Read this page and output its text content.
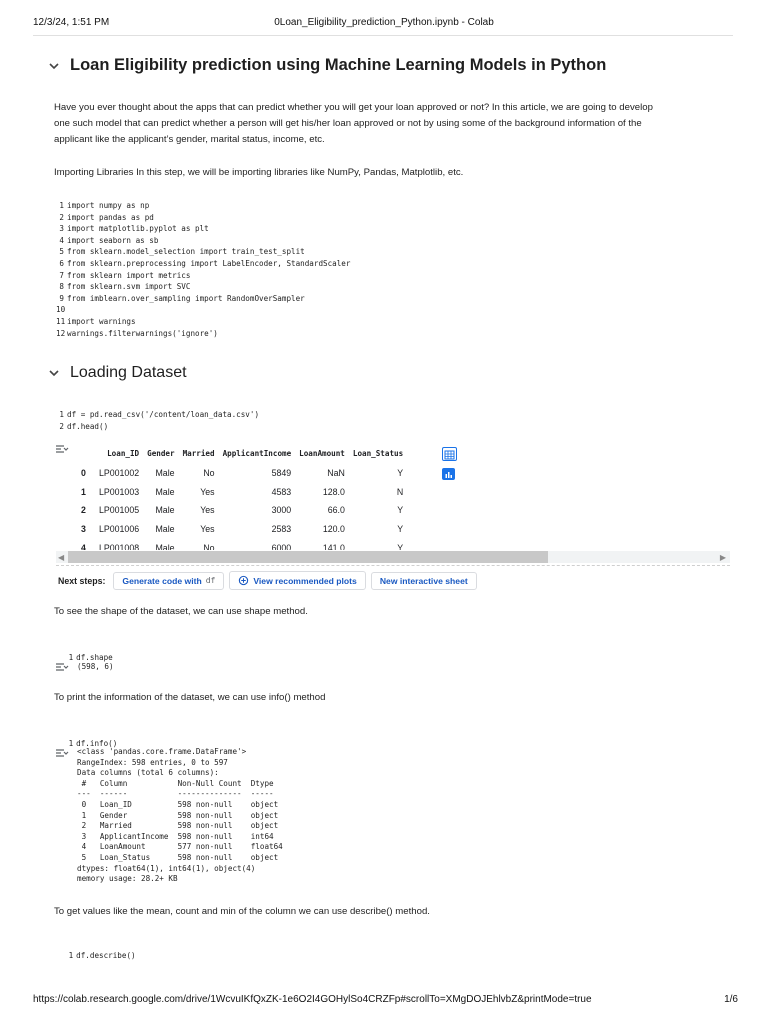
12/3/24, 1:51 PM	0Loan_Eligibility_prediction_Python.ipynb - Colab
Loan Eligibility prediction using Machine Learning Models in Python
Have you ever thought about the apps that can predict whether you will get your loan approved or not? In this article, we are going to develop
one such model that can predict whether a person will get his/her loan approved or not by using some of the background information of the
applicant like the applicant’s gender, marital status, income, etc.
Importing Libraries In this step, we will be importing libraries like NumPy, Pandas, Matplotlib, etc.
1 import numpy as np
2 import pandas as pd
3 import matplotlib.pyplot as plt
4 import seaborn as sb
5 from sklearn.model_selection import train_test_split
6 from sklearn.preprocessing import LabelEncoder, StandardScaler
7 from sklearn import metrics
8 from sklearn.svm import SVC
9 from imblearn.over_sampling import RandomOverSampler
10
11 import warnings
12 warnings.filterwarnings('ignore')
Loading Dataset
1 df = pd.read_csv('/content/loan_data.csv')
2 df.head()
	Loan_ID	Gender	Married	ApplicantIncome	LoanAmount	Loan_Status
0	LP001002	Male	No	5849	NaN	Y
1	LP001003	Male	Yes	4583	128.0	N
2	LP001005	Male	Yes	3000	66.0	Y
3	LP001006	Male	Yes	2583	120.0	Y
4	LP001008	Male	No	6000	141.0	Y
◀	▶
Next steps: Generate code with df	View recommended plots	New interactive sheet
To see the shape of the dataset, we can use shape method.

1 df.shape

(598, 6)
To print the information of the dataset, we can use info() method

1 df.info()

<class 'pandas.core.frame.DataFrame'>
RangeIndex: 598 entries, 0 to 597
Data columns (total 6 columns):
#   Column           Non-Null Count  Dtype
---  ------           --------------  -----
0   Loan_ID          598 non-null    object
1   Gender           598 non-null    object
2   Married          598 non-null    object
3   ApplicantIncome  598 non-null    int64
4   LoanAmount       577 non-null    float64
5   Loan_Status      598 non-null    object
dtypes: float64(1), int64(1), object(4)
memory usage: 28.2+ KB
To get values like the mean, count and min of the column we can use describe() method.

1 df.describe()

https://colab.research.google.com/drive/1WcvuIKfQxZK-1e6O2I4GOHylSo4CRZFp#scrollTo=XMgDOJEhlvbZ&printMode=true	1/6
